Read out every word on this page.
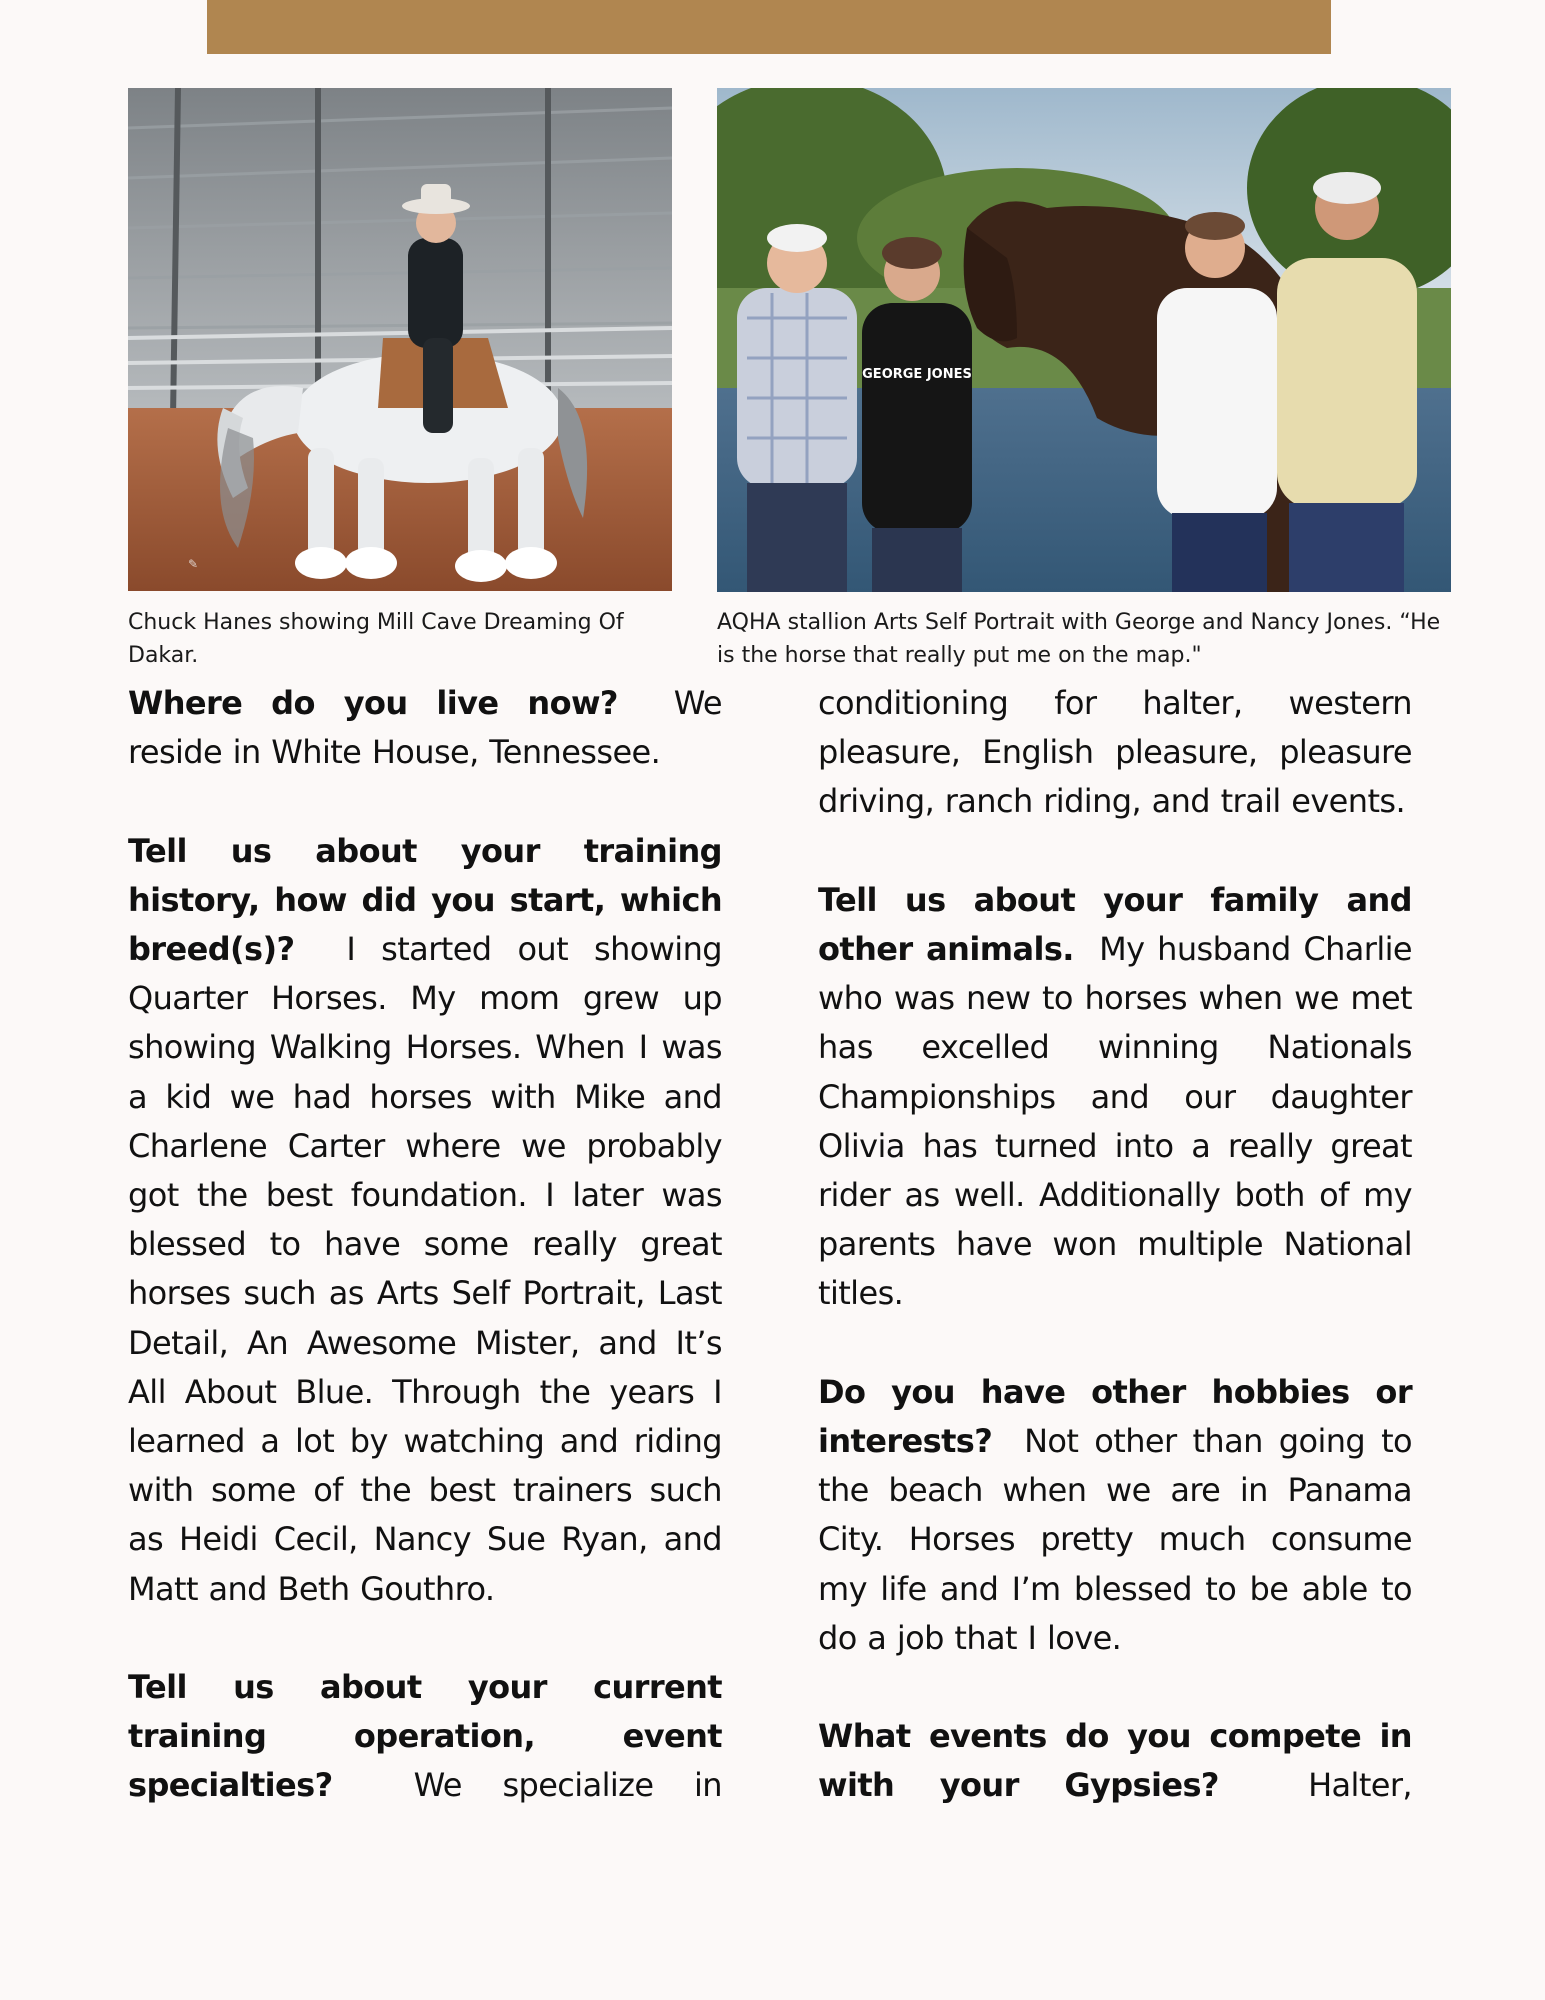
✎
GEORGE JONES
Chuck Hanes showing Mill Cave Dreaming Of Dakar.
AQHA stallion Arts Self Portrait with George and Nancy Jones. “He is the horse that really put me on the map."

Where do you live now? We reside in White House, Tennessee.

Tell us about your training history, how did you start, which breed(s)? I started out showing Quarter Horses. My mom grew up showing Walking Horses. When I was a kid we had horses with Mike and Charlene Carter where we probably got the best foundation. I later was blessed to have some really great horses such as Arts Self Portrait, Last Detail, An Awesome Mister, and It’s All About Blue. Through the years I learned a lot by watching and riding with some of the best trainers such as Heidi Cecil, Nancy Sue Ryan, and Matt and Beth Gouthro.

Tell us about your current training operation, event specialties?	We specialize in

conditioning for halter, western pleasure, English pleasure, pleasure driving, ranch riding, and trail events.

Tell us about your family and other animals. My husband Charlie who was new to horses when we met has excelled winning Nationals Championships and our daughter Olivia has turned into a really great rider as well. Additionally both of my parents have won multiple National titles.

Do you have other hobbies or interests? Not other than going to the beach when we are in Panama City. Horses pretty much consume my life and I’m blessed to be able to do a job that I love.

What events do you compete in with your Gypsies?	Halter,
